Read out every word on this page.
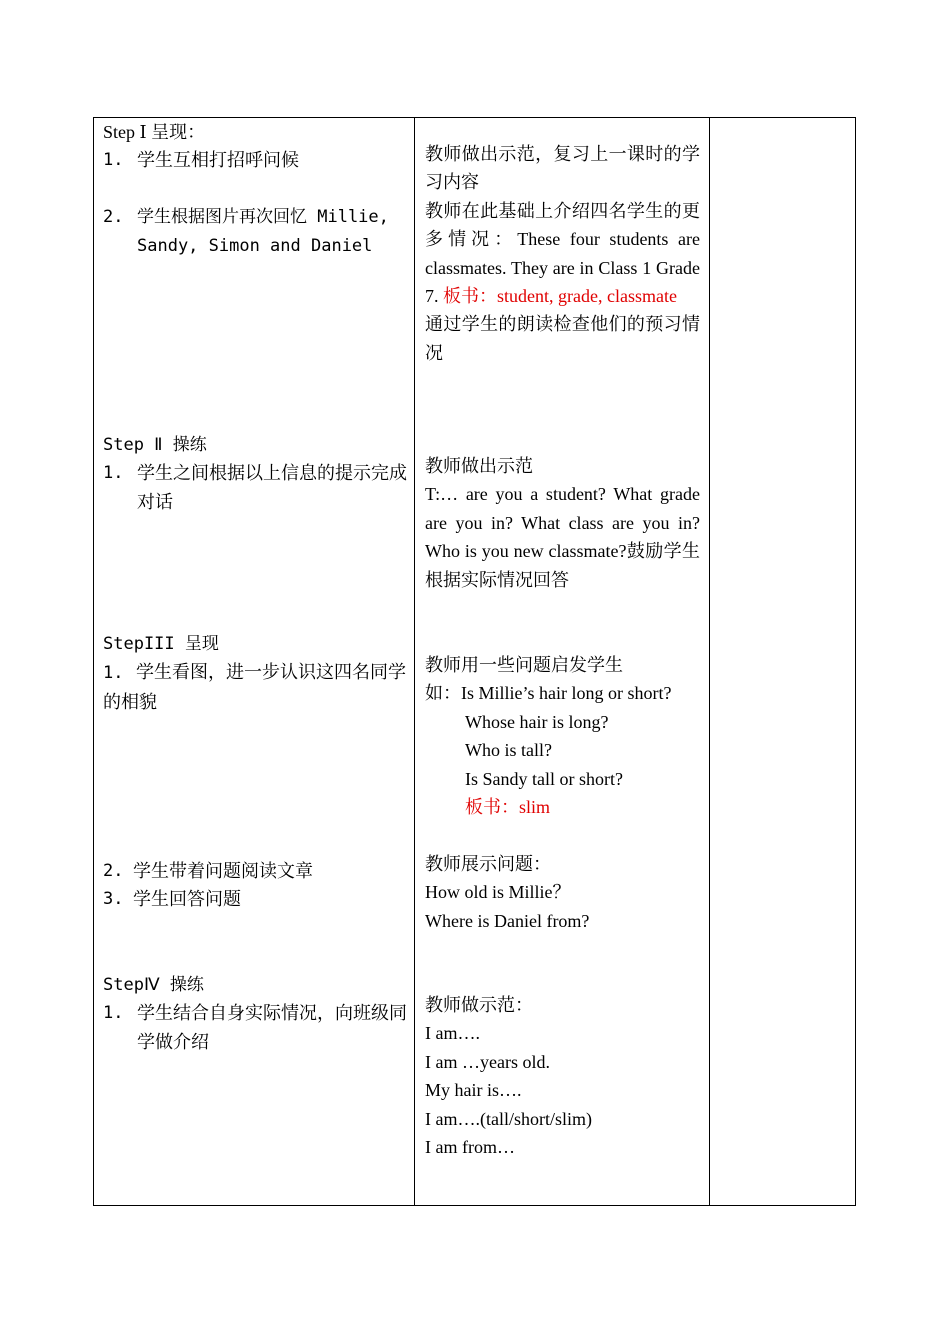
Step Ⅰ 呈现：
1. 学生互相打招呼问候
2. 学生根据图片再次回忆 Millie, Sandy, Simon and Daniel
Step Ⅱ 操练
1. 学生之间根据以上信息的提示完成对话
StepIII 呈现
1. 学生看图，进一步认识这四名同学的相貌
2. 学生带着问题阅读文章
3. 学生回答问题
StepⅣ 操练
1. 学生结合自身实际情况，向班级同学做介绍
教师做出示范，复习上一课时的学习内容
教师在此基础上介绍四名学生的更多情况：These four students are classmates. They are in Class 1 Grade 7. 板书：student, grade, classmate
通过学生的朗读检查他们的预习情况
教师做出示范
T:… are you a student? What grade are you in? What class are you in? Who is you new classmate?鼓励学生根据实际情况回答
教师用一些问题启发学生
如：Is Millie’s hair long or short?
Whose hair is long?
Who is tall?
Is Sandy tall or short?
板书：slim
教师展示问题：
How old is Millie？
Where is Daniel from?
教师做示范：
I am….
I am …years old.
My hair is….
I am….(tall/short/slim)
I am from…
